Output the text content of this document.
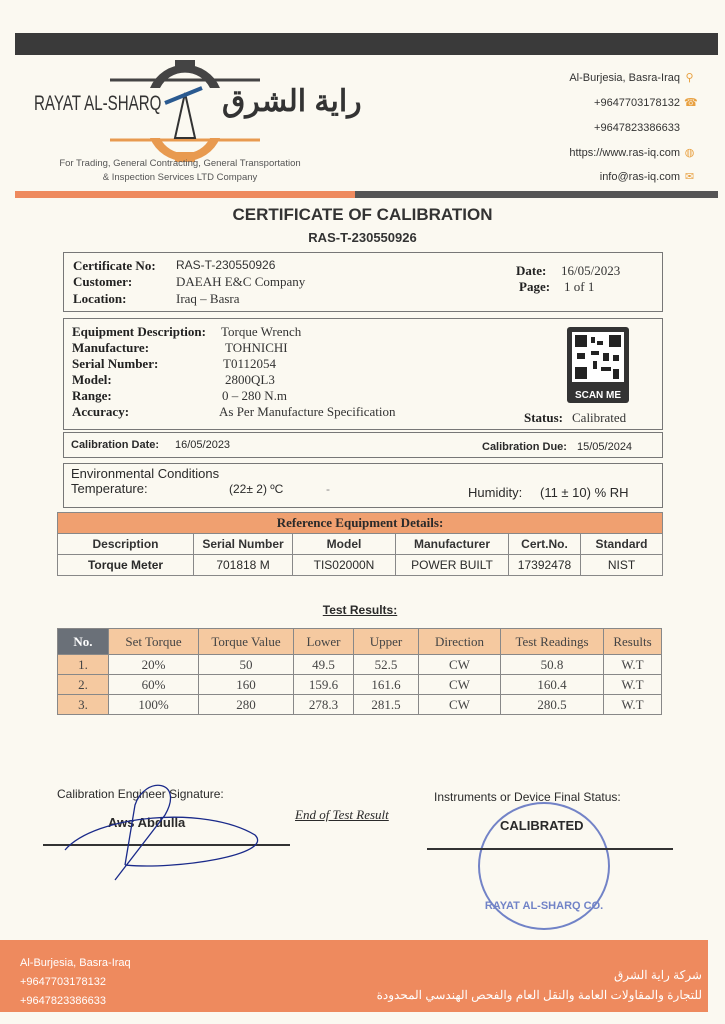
RAYAT AL-SHARQ راية الشرق
For Trading, General Contracting, General Transportation
& Inspection Services LTD Company
Al-Burjesia, Basra-Iraq ⚲
+9647703178132 ☎
+9647823386633
https://www.ras-iq.com ◍
info@ras-iq.com ✉
CERTIFICATE OF CALIBRATION
RAS-T-230550926
Certificate No: RAS-T-230550926
Customer:	DAEAH E&C Company
Location:	Iraq – Basra
Date: 16/05/2023
Page: 1 of 1
Equipment Description: Torque Wrench
Manufacture:	TOHNICHI
Serial Number:	T0112054
Model:	2800QL3
Range:	0 – 280 N.m
Accuracy:	As Per Manufacture Specification
SCAN ME
Status: Calibrated
Calibration Date: 16/05/2023	Calibration Due: 15/05/2024
Environmental Conditions
Temperature:	(22± 2) ºC	-	Humidity: (11 ± 10) % RH
Reference Equipment Details:					
Description	Serial Number	Model	Manufacturer	Cert.No.	Standard
Torque Meter	701818 M	TIS02000N	POWER BUILT	17392478	NIST
Test Results:
No.	Set Torque	Torque Value	Lower	Upper	Direction	Test Readings	Results
1.	20%	50	49.5	52.5	CW	50.8	W.T
2.	60%	160	159.6	161.6	CW	160.4	W.T
3.	100%	280	278.3	281.5	CW	280.5	W.T
Calibration Engineer Signature:
Aws Abdulla
End of Test Result
Instruments or Device Final Status:
RAYAT AL-SHARQ CO.
CALIBRATED
Al-Burjesia, Basra-Iraq
+9647703178132
+9647823386633
شركة راية الشرق
للتجارة والمقاولات العامة والنقل العام والفحص الهندسي المحدودة
